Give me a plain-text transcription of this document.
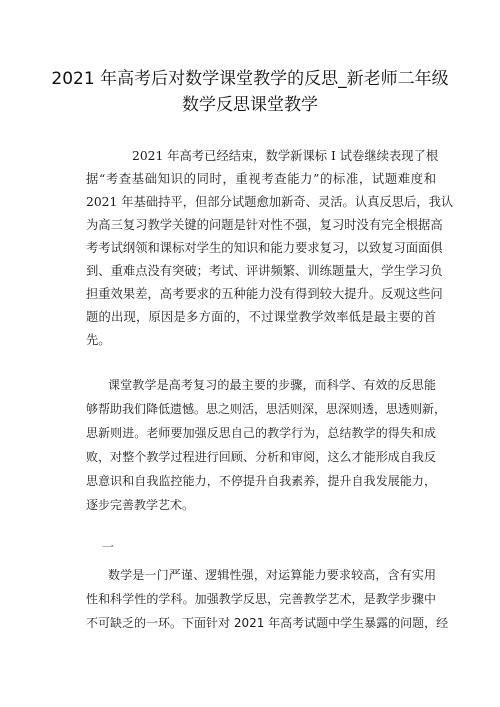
2021 年高考后对数学课堂教学的反思_新老师二年级
数学反思课堂教学
2021 年高考已经结束，数学新课标 I 试卷继续表现了根
据“考查基础知识的同时，重视考查能力”的标准，试题难度和
2021 年基础持平，但部分试题愈加新奇、灵活。认真反思后，我认
为高三复习教学关键的问题是针对性不强，复习时没有完全根据高
考考试纲领和课标对学生的知识和能力要求复习，以致复习面面俱
到、重难点没有突破；考试、评讲频繁、训练题量大，学生学习负
担重效果差，高考要求的五种能力没有得到较大提升。反观这些问
题的出现，原因是多方面的，不过课堂教学效率低是最主要的首
先。
课堂教学是高考复习的最主要的步骤，而科学、有效的反思能
够帮助我们降低遗憾。思之则活，思活则深，思深则透，思透则新，
思新则进。老师要加强反思自己的教学行为，总结教学的得失和成
败，对整个教学过程进行回顾、分析和审阅，这么才能形成自我反
思意识和自我监控能力，不停提升自我素养，提升自我发展能力，
逐步完善教学艺术。
一
数学是一门严谨、逻辑性强，对运算能力要求较高，含有实用
性和科学性的学科。加强教学反思，完善教学艺术，是教学步骤中
不可缺乏的一环。下面针对 2021 年高考试题中学生暴露的问题，经
